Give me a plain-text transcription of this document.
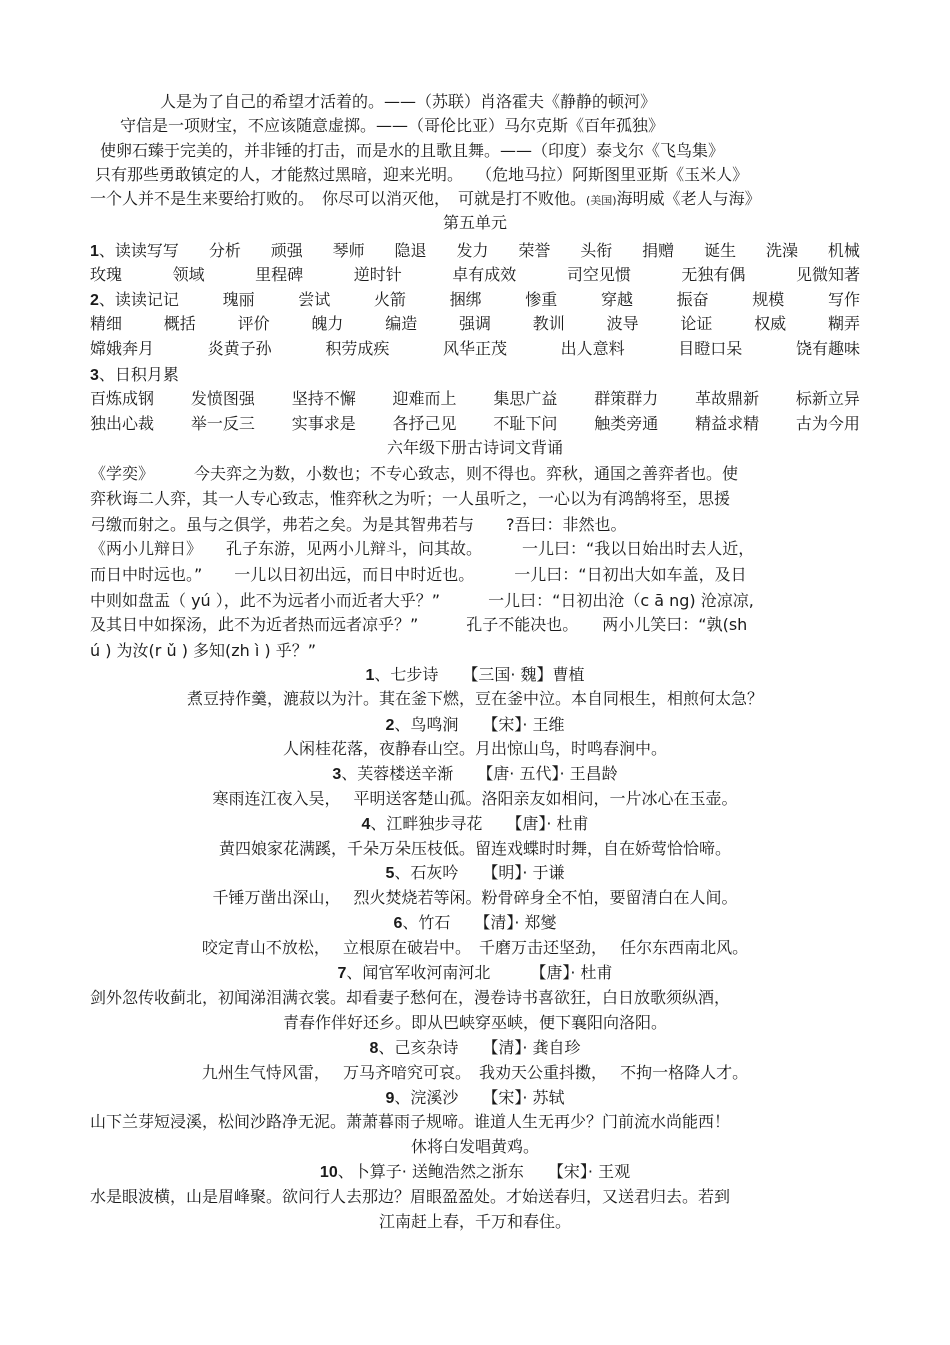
人是为了自己的希望才活着的。——（苏联）肖洛霍夫《静静的顿河》
守信是一项财宝，不应该随意虚掷。——（哥伦比亚）马尔克斯《百年孤独》
使卵石臻于完美的，并非锤的打击，而是水的且歌且舞。——（印度）泰戈尔《飞鸟集》
只有那些勇敢镇定的人，才能熬过黑暗，迎来光明。　 （危地马拉）阿斯图里亚斯《玉米人》
一个人并不是生来要给打败的。　你尽可以消灭他，　可就是打不败他。(美国)海明威《老人与海》
第五单元
1、读读写写 分析 顽强 琴师 隐退 发力 荣誉 头衔 捐赠 诞生 洗澡 机械
玫瑰	领域	里程碑	逆时针	卓有成效	司空见惯	无独有偶	见微知著
2、读读记记	瑰丽	尝试	火箭	捆绑	惨重	穿越	振奋	规模	写作
精细	概括	评价	魄力	编造	强调	教训	波导	论证	权威	糊弄
嫦娥奔月	炎黄子孙	积劳成疾	风华正茂	出人意料	目瞪口呆	饶有趣味
3、日积月累
百炼成钢 发愤图强 坚持不懈 迎难而上 集思广益 群策群力 革故鼎新 标新立异
独出心裁 举一反三 实事求是 各抒己见 不耻下问 触类旁通 精益求精 古为今用
六年级下册古诗词文背诵
《学奕》　　　今夫弈之为数，小数也；不专心致志，则不得也。弈秋，通国之善弈者也。使
弈秋诲二人弈，其一人专心致志，惟弈秋之为听；一人虽听之，一心以为有鸿鹄将至，思援
弓缴而射之。虽与之俱学，弗若之矣。为是其智弗若与　　?吾曰：非然也。
《两小儿辩日》　　孔子东游，见两小儿辩斗，问其故。　　　一儿曰：“我以日始出时去人近，
而日中时远也。”　　一儿以日初出远，而日中时近也。　　　一儿曰：“日初出大如车盖，及日
中则如盘盂（ yú ），此不为远者小而近者大乎？”　　　一儿曰：“日初出沧（c ā ng) 沧凉凉,
及其日中如探汤，此不为近者热而远者凉乎？”　　　孔子不能决也。　　两小儿笑曰：“孰(sh
ú ) 为汝(r ǔ ) 多知(zh ì ) 乎？”
1、七步诗　　【三国· 魏】曹植
煮豆持作羹，漉菽以为汁。萁在釜下燃，豆在釜中泣。本自同根生，相煎何太急？
2、鸟鸣涧　　【宋】· 王维
人闲桂花落，夜静春山空。月出惊山鸟，时鸣春涧中。
3、芙蓉楼送辛渐　　【唐· 五代】· 王昌龄
寒雨连江夜入吴，　 平明送客楚山孤。洛阳亲友如相问，一片冰心在玉壶。
4、江畔独步寻花　　【唐】· 杜甫
黄四娘家花满蹊，千朵万朵压枝低。留连戏蝶时时舞，自在娇莺恰恰啼。
5、石灰吟　　【明】· 于谦
千锤万凿出深山，　 烈火焚烧若等闲。粉骨碎身全不怕，要留清白在人间。
6、竹石　　【清】· 郑燮
咬定青山不放松，　 立根原在破岩中。　千磨万击还坚劲，　 任尔东西南北风。
7、闻官军收河南河北　　　【唐】· 杜甫
剑外忽传收蓟北，初闻涕泪满衣裳。却看妻子愁何在，漫卷诗书喜欲狂，白日放歌须纵酒，
青春作伴好还乡。即从巴峡穿巫峡，便下襄阳向洛阳。
8、己亥杂诗　　【清】· 龚自珍
九州生气恃风雷，　 万马齐喑究可哀。　我劝天公重抖擞，　 不拘一格降人才。
9、浣溪沙　　【宋】· 苏轼
山下兰芽短浸溪，松间沙路净无泥。萧萧暮雨子规啼。谁道人生无再少？门前流水尚能西！
休将白发唱黄鸡。
10、卜算子· 送鲍浩然之浙东　　【宋】· 王观
水是眼波横，山是眉峰聚。欲问行人去那边？眉眼盈盈处。才始送春归，又送君归去。若到
江南赶上春，千万和春住。
